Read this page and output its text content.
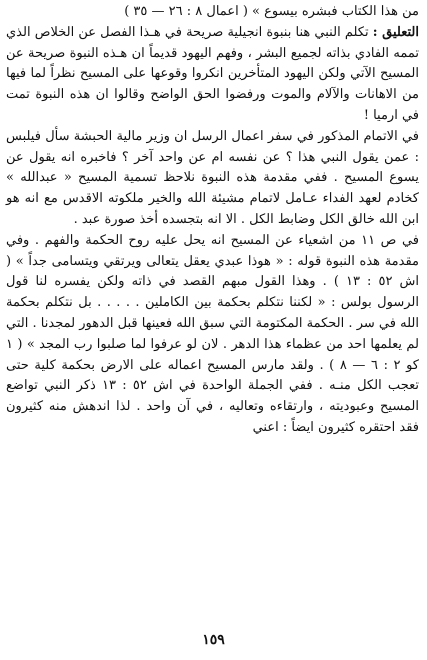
من هذا الكتاب فبشره بيسوع » ( اعمال ٨ : ٢٦ — ٣٥ )

التعليق : تكلم النبي هنا بنبوة انجيلية صريحة في هـذا الفصل عن الخلاص الذي تممه الفادي بذاته لجميع البشر ، وفهم اليهود قديماً ان هـذه النبوة صريحة عن المسيح الآتي ولكن اليهود المتأخرين انكروا وقوعها على المسيح نظراً لما فيها من الاهانات والآلام والموت ورفضوا الحق الواضح وقالوا ان هذه النبوة تمت في ارميا !

في الاتمام المذكور في سفر اعمال الرسل ان وزير مالية الحبشة سأل فيلبس : عمن يقول النبي هذا ؟ عن نفسه ام عن واحد آخر ؟ فاخبره انه يقول عن يسوع المسيح . ففي مقدمة هذه النبوة نلاحظ تسمية المسيح « عبدالله » كخادم لعهد الفداء عـامل لاتمام مشيئة الله والخير ملكوته الاقدس مع انه هو ابن الله خالق الكل وضابط الكل . الا انه بتجسده أخذ صورة عبد .

في ص ١١ من اشعياء عن المسيح انه يحل عليه روح الحكمة والفهم . وفي مقدمة هذه النبوة قوله : « هوذا عبدي يعقل يتعالى ويرتقي ويتسامى جداً » ( اش ٥٢ : ١٣ ) . وهذا القول مبهم القصد في ذاته ولكن يفسره لنا قول الرسول بولس : « لكننا نتكلم بحكمة بين الكاملين . . . . . بل نتكلم بحكمة الله في سر . الحكمة المكتومة التي سبق الله فعينها قبل الدهور لمجدنا . التي لم يعلمها احد من عظماء هذا الدهر . لان لو عرفوا لما صلبوا رب المجد » ( ١ كو ٢ : ٦ — ٨ ) . ولقد مارس المسيح اعماله على الارض بحكمة كلية حتى تعجب الكل منـه . ففي الجملة الواحدة في اش ٥٢ : ١٣ ذكر النبي تواضع المسيح وعبوديته ، وارتقاءه وتعاليه ، في آن واحد . لذا اندهش منه كثيرون فقد احتقره كثيرون ايضاً : اعني

١٥٩
